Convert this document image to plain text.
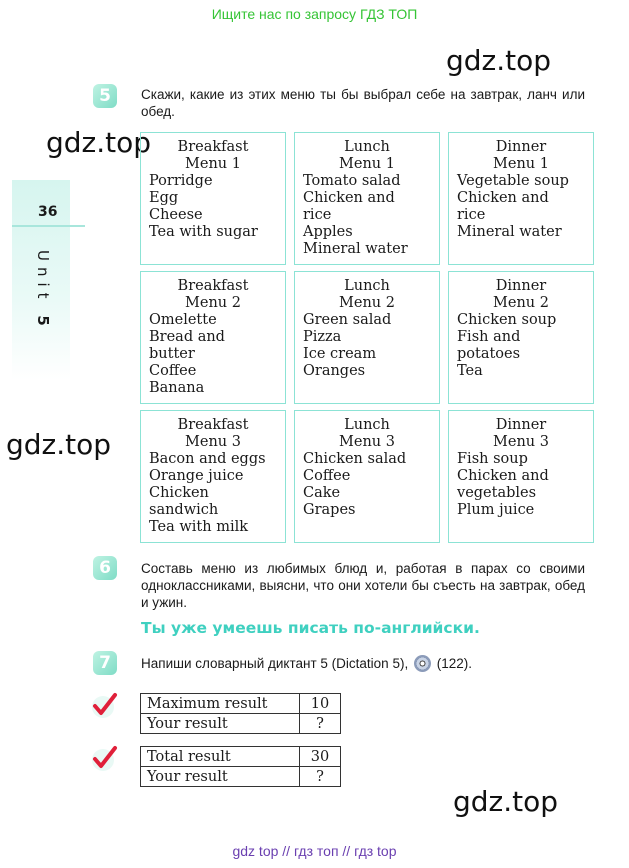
Ищите нас по запросу ГДЗ ТОП
36
Unit 5
gdz.top
gdz.top
gdz.top
gdz.top
5	Скажи, какие из этих меню ты бы выбрал себе на завтрак, ланч или обед.
Breakfast
Menu 1
Porridge
Egg
Cheese
Tea with sugar
Lunch
Menu 1
Tomato salad
Chicken and
rice
Apples
Mineral water
Dinner
Menu 1
Vegetable soup
Chicken and
rice
Mineral water
Breakfast
Menu 2
Omelette
Bread and
butter
Coffee
Banana
Lunch
Menu 2
Green salad
Pizza
Ice cream
Oranges
Dinner
Menu 2
Chicken soup
Fish and
potatoes
Tea
Breakfast
Menu 3
Bacon and eggs
Orange juice
Chicken
sandwich
Tea with milk
Lunch
Menu 3
Chicken salad
Coffee
Cake
Grapes
Dinner
Menu 3
Fish soup
Chicken and
vegetables
Plum juice
6	Составь меню из любимых блюд и, работая в парах со своими одноклассниками, выясни, что они хотели бы съесть на завтрак, обед и ужин.
Ты уже умеешь писать по-английски.
7	Напиши словарный диктант 5 (Dictation 5), (122).
Maximum result	10
Your result	?
Total result	30
Your result	?
gdz top // гдз топ // гдз top
